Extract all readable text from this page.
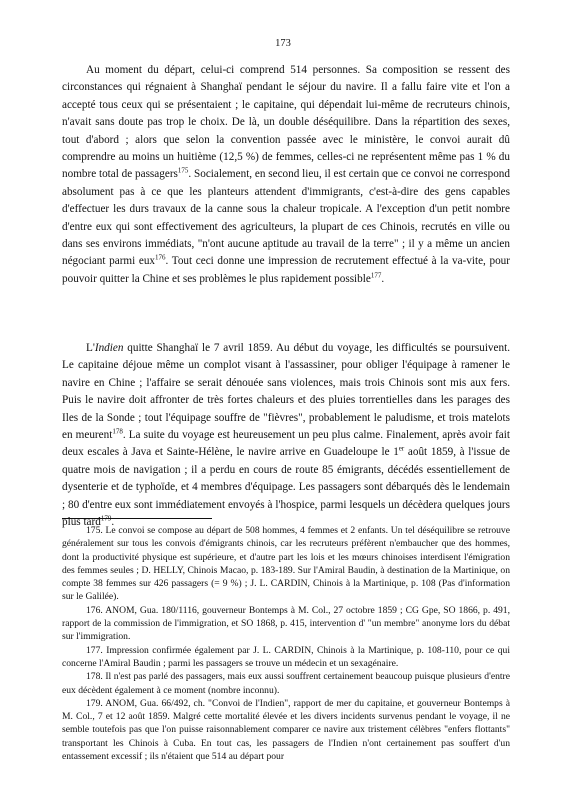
173

Au moment du départ, celui-ci comprend 514 personnes. Sa composition se ressent des circonstances qui régnaient à Shanghaï pendant le séjour du navire. Il a fallu faire vite et l'on a accepté tous ceux qui se présentaient ; le capitaine, qui dépendait lui-même de recruteurs chinois, n'avait sans doute pas trop le choix. De là, un double déséquilibre. Dans la répartition des sexes, tout d'abord ; alors que selon la convention passée avec le ministère, le convoi aurait dû comprendre au moins un huitième (12,5 %) de femmes, celles-ci ne représentent même pas 1 % du nombre total de passagers$^{175}$. Socialement, en second lieu, il est certain que ce convoi ne correspond absolument pas à ce que les planteurs attendent d'immigrants, c'est-à-dire des gens capables d'effectuer les durs travaux de la canne sous la chaleur tropicale. A l'exception d'un petit nombre d'entre eux qui sont effectivement des agriculteurs, la plupart de ces Chinois, recrutés en ville ou dans ses environs immédiats, "n'ont aucune aptitude au travail de la terre" ; il y a même un ancien négociant parmi eux$^{176}$. Tout ceci donne une impression de recrutement effectué à la va-vite, pour pouvoir quitter la Chine et ses problèmes le plus rapidement possible$^{177}$.

L'Indien quitte Shanghaï le 7 avril 1859. Au début du voyage, les difficultés se poursuivent. Le capitaine déjoue même un complot visant à l'assassiner, pour obliger l'équipage à ramener le navire en Chine ; l'affaire se serait dénouée sans violences, mais trois Chinois sont mis aux fers. Puis le navire doit affronter de très fortes chaleurs et des pluies torrentielles dans les parages des Iles de la Sonde ; tout l'équipage souffre de "fièvres", probablement le paludisme, et trois matelots en meurent$^{178}$. La suite du voyage est heureusement un peu plus calme. Finalement, après avoir fait deux escales à Java et Sainte-Hélène, le navire arrive en Guadeloupe le 1er août 1859, à l'issue de quatre mois de navigation ; il a perdu en cours de route 85 émigrants, décédés essentiellement de dysenterie et de typhoïde, et 4 membres d'équipage. Les passagers sont débarqués dès le lendemain ; 80 d'entre eux sont immédiatement envoyés à l'hospice, parmi lesquels un décèdera quelques jours plus tard$^{179}$.

175. Le convoi se compose au départ de 508 hommes, 4 femmes et 2 enfants. Un tel déséquilibre se retrouve généralement sur tous les convois d'émigrants chinois, car les recruteurs préfèrent n'embaucher que des hommes, dont la productivité physique est supérieure, et d'autre part les lois et les mœurs chinoises interdisent l'émigration des femmes seules ; D. HELLY, Chinois Macao, p. 183-189. Sur l'Amiral Baudin, à destination de la Martinique, on compte 38 femmes sur 426 passagers (= 9 %) ; J. L. CARDIN, Chinois à la Martinique, p. 108 (Pas d'information sur le Galilée).

176. ANOM, Gua. 180/1116, gouverneur Bontemps à M. Col., 27 octobre 1859 ; CG Gpe, SO 1866, p. 491, rapport de la commission de l'immigration, et SO 1868, p. 415, intervention d' "un membre" anonyme lors du débat sur l'immigration.

177. Impression confirmée également par J. L. CARDIN, Chinois à la Martinique, p. 108-110, pour ce qui concerne l'Amiral Baudin ; parmi les passagers se trouve un médecin et un sexagénaire.

178. Il n'est pas parlé des passagers, mais eux aussi souffrent certainement beaucoup puisque plusieurs d'entre eux décèdent également à ce moment (nombre inconnu).

179. ANOM, Gua. 66/492, ch. "Convoi de l'Indien", rapport de mer du capitaine, et gouverneur Bontemps à M. Col., 7 et 12 août 1859. Malgré cette mortalité élevée et les divers incidents survenus pendant le voyage, il ne semble toutefois pas que l'on puisse raisonnablement comparer ce navire aux tristement célèbres "enfers flottants" transportant les Chinois à Cuba. En tout cas, les passagers de l'Indien n'ont certainement pas souffert d'un entassement excessif ; ils n'étaient que 514 au départ pour
